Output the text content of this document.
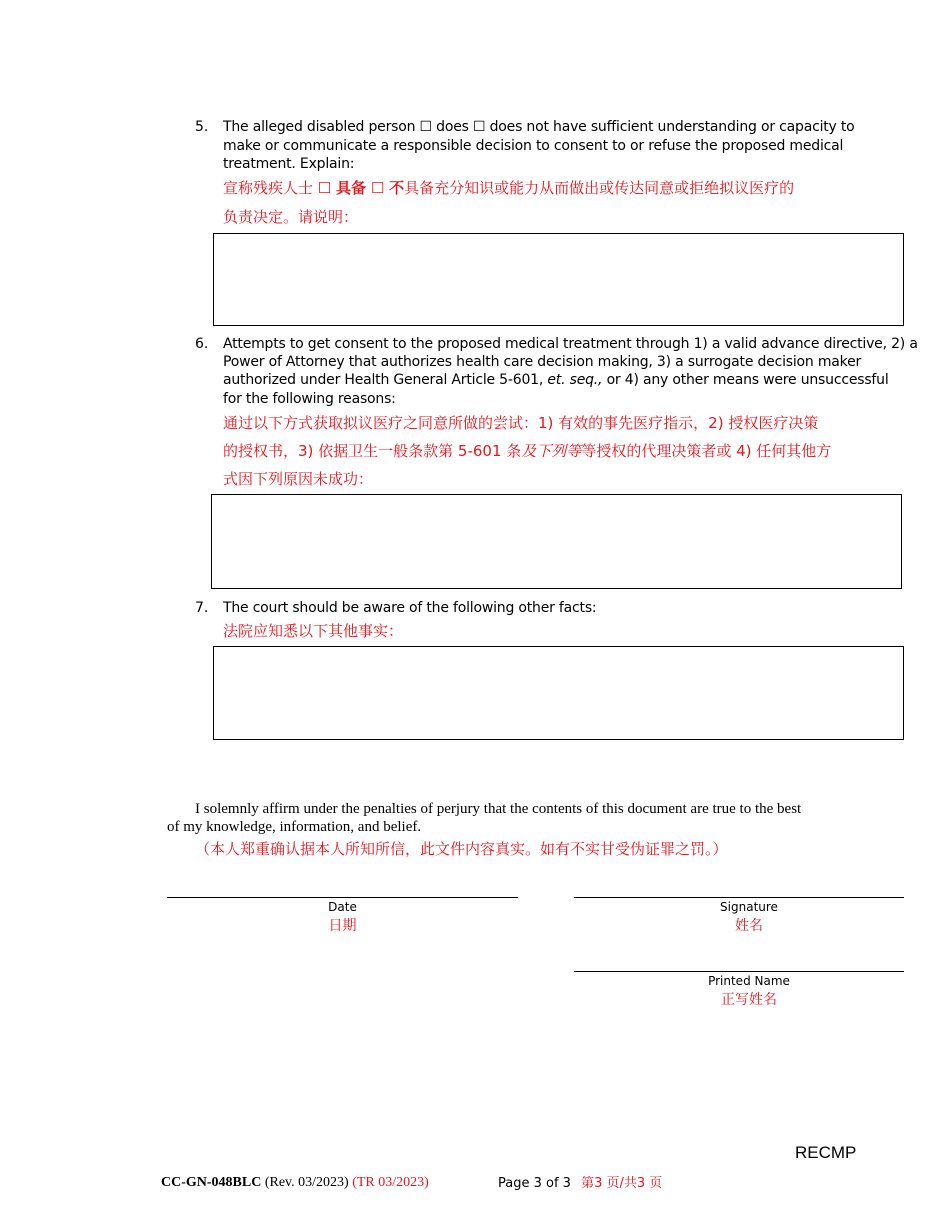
5. The alleged disabled person ☐ does ☐ does not have sufficient understanding or capacity to
make or communicate a responsible decision to consent to or refuse the proposed medical
treatment. Explain:
宣称残疾人士 ☐ 具备 ☐ 不具备充分知识或能力从而做出或传达同意或拒绝拟议医疗的
负责决定。请说明：
6. Attempts to get consent to the proposed medical treatment through 1) a valid advance directive, 2) a
Power of Attorney that authorizes health care decision making, 3) a surrogate decision maker
authorized under Health General Article 5-601, et. seq., or 4) any other means were unsuccessful
for the following reasons:
通过以下方式获取拟议医疗之同意所做的尝试：1) 有效的事先医疗指示，2) 授权医疗决策
的授权书，3) 依据卫生一般条款第 5-601 条及下列等等授权的代理决策者或 4) 任何其他方
式因下列原因未成功：
7. The court should be aware of the following other facts:
法院应知悉以下其他事实：
I solemnly affirm under the penalties of perjury that the contents of this document are true to the best
of my knowledge, information, and belief.
（本人郑重确认据本人所知所信，此文件内容真实。如有不实甘受伪证罪之罚。）
Date
日期
Signature
姓名
Printed Name
正写姓名
RECMP
CC-GN-048BLC (Rev. 03/2023) (TR 03/2023)	Page 3 of 3 第3 页/共3 页
